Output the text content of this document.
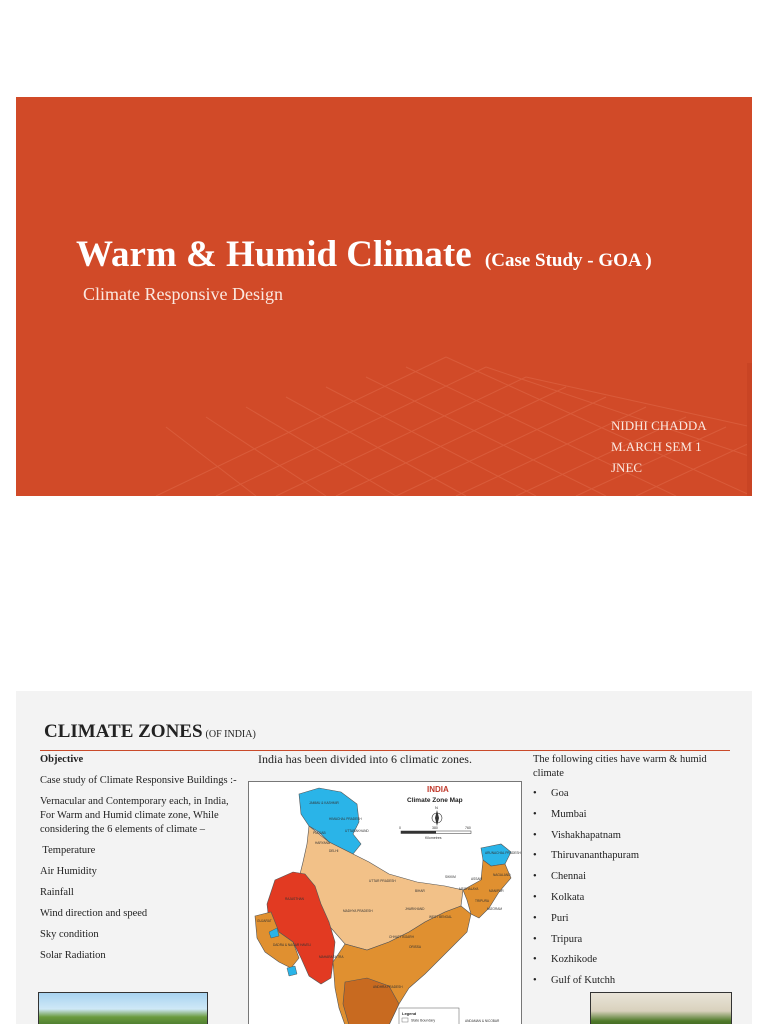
Warm & Humid Climate (Case Study - GOA )
Climate Responsive Design
NIDHI CHADDA
M.ARCH SEM 1
JNEC
CLIMATE ZONES (OF INDIA)
Objective
Case study of Climate Responsive Buildings :-
Vernacular and Contemporary each, in India, For Warm and Humid climate zone, While considering the 6 elements of climate –
Temperature
Air Humidity
Rainfall
Wind direction and speed
Sky condition
Solar Radiation
India has been divided into 6 climatic zones.
INDIA
Climate Zone Map
N
0	380	760
Kilometres
JAMMU & KASHMIR
HIMACHAL PRADESH
PUNJAB	UTTARAKHAND
HARYANA
DELHI
RAJASTHAN
UTTAR PRADESH
BIHAR
SIKKIM
ARUNACHAL PRADESH
ASSAM
NAGALAND
MEGHALAYA	MANIPUR
TRIPURA
MIZORAM
WEST BENGAL
JHARKHAND
MADHYA PRADESH
GUJARAT
CHHATTISGARH
ORISSA
MAHARASHTRA
DADRA & NAGAR HAVELI
ANDHRA PRADESH
ANDAMAN & NICOBAR
Legend
State Boundary
The following cities have warm & humid climate
• Goa
• Mumbai
• Vishakhapatnam
• Thiruvananthapuram
• Chennai
• Kolkata
• Puri
• Tripura
• Kozhikode
• Gulf of Kutchh
